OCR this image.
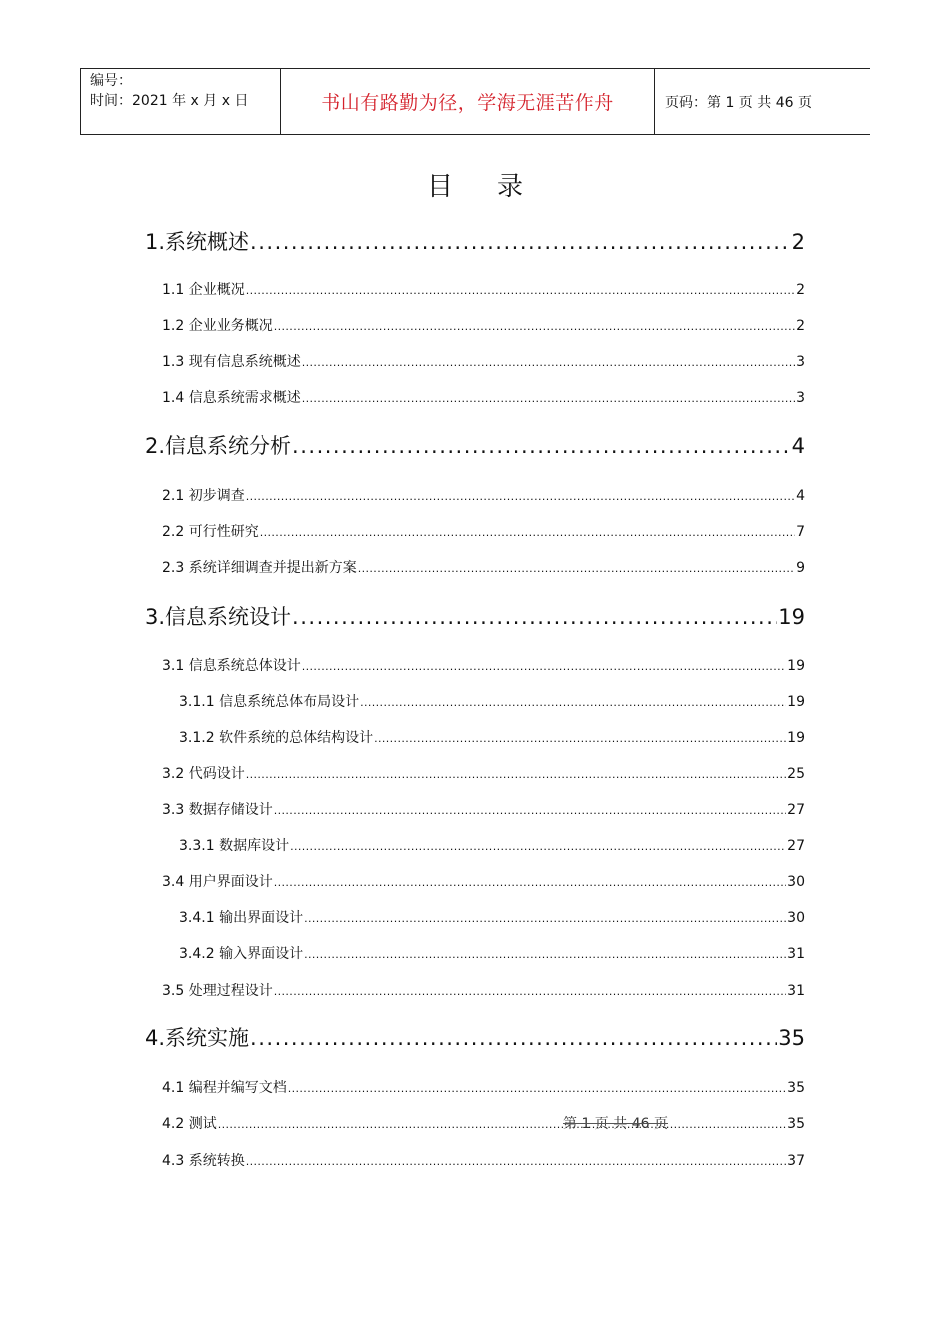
编号：
时间：2021 年 x 月 x 日	书山有路勤为径，学海无涯苦作舟	页码：第 1 页 共 46 页
目录
1.系统概述 .....	2
1.1 企业概况 .....	2
1.2 企业业务概况 .....	2
1.3 现有信息系统概述 .....	3
1.4 信息系统需求概述 .....	3
2.信息系统分析 .....	4
2.1 初步调查 .....	4
2.2 可行性研究 .....	7
2.3 系统详细调查并提出新方案 .....	9
3.信息系统设计 .....	19
3.1 信息系统总体设计 .....	19
3.1.1 信息系统总体布局设计 .....	19
3.1.2 软件系统的总体结构设计 .....	19
3.2 代码设计 .....	25
3.3 数据存储设计 .....	27
3.3.1 数据库设计 .....	27
3.4 用户界面设计 .....	30
3.4.1 输出界面设计 .....	30
3.4.2 输入界面设计 .....	31
3.5 处理过程设计 .....	31
4.系统实施 .....	35
4.1 编程并编写文档 .....	35
4.2 测试 .....	35
4.3 系统转换 .....	37
第 1 页 共 46 页
